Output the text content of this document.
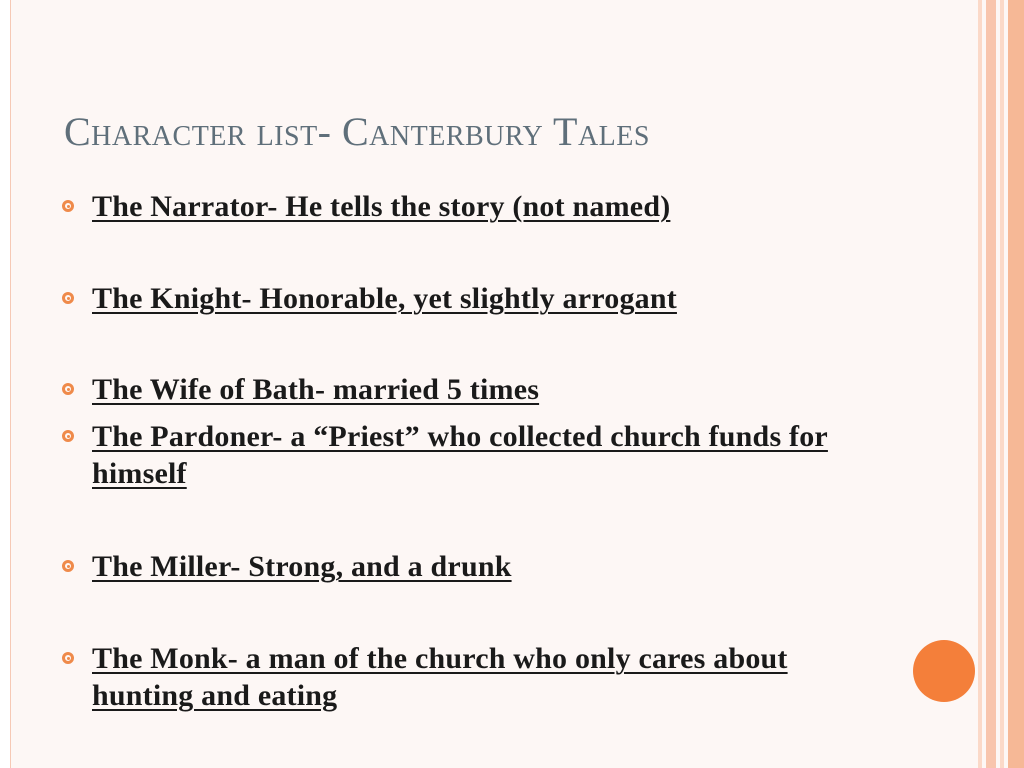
Character list- Canterbury Tales
The Narrator- He tells the story (not named)
The Knight- Honorable, yet slightly arrogant
The Wife of Bath- married 5 times
The Pardoner- a “Priest” who collected church funds for himself
The Miller- Strong, and a drunk
The Monk- a man of the church who only cares about hunting and eating
